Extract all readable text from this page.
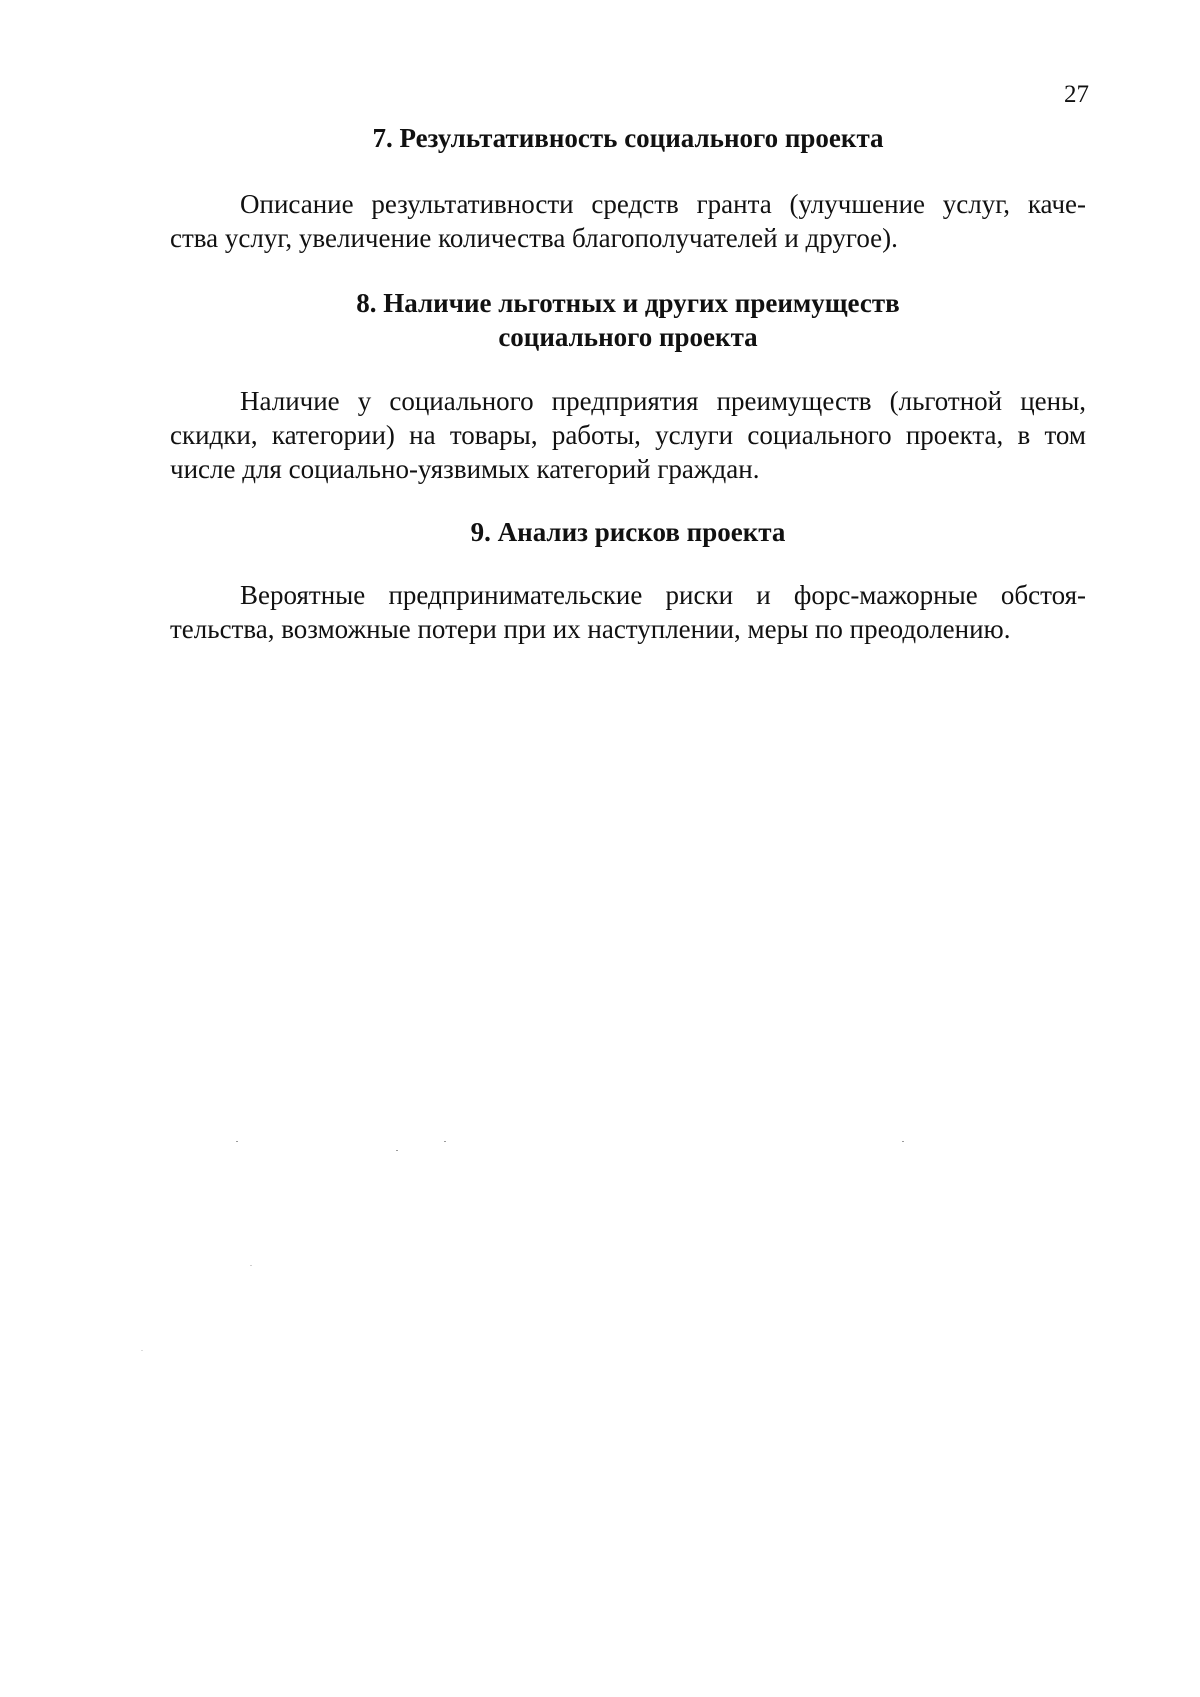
27
7. Результативность социального проекта

Описание результативности средств гранта (улучшение услуг, каче-
ства услуг, увеличение количества благополучателей и другое).

8. Наличие льготных и других преимуществ
социального проекта

Наличие у социального предприятия преимуществ (льготной цены,
скидки, категории) на товары, работы, услуги социального проекта, в том
числе для социально-уязвимых категорий граждан.

9. Анализ рисков проекта

Вероятные предпринимательские риски и форс-мажорные обстоя-
тельства, возможные потери при их наступлении, меры по преодолению.
